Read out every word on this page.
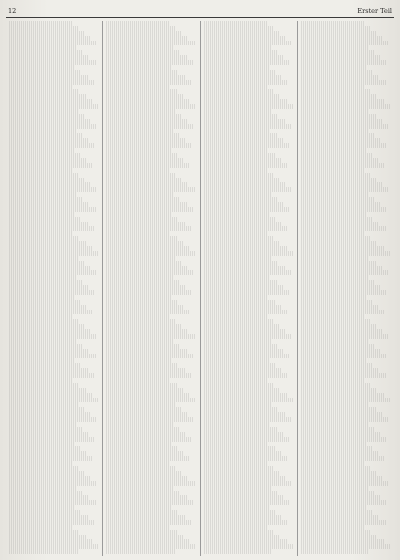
12	Erster Teil
